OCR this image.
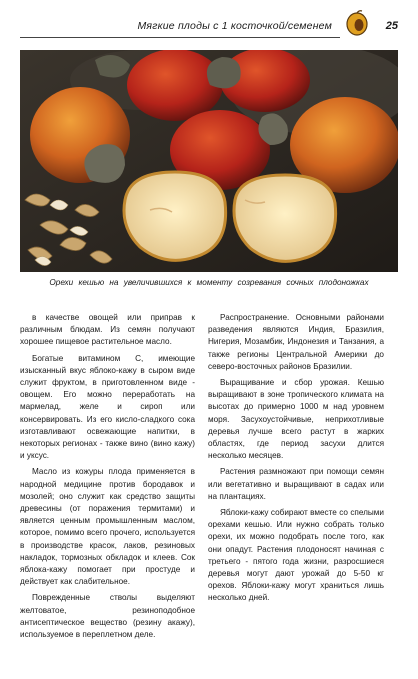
Мягкие плоды с 1 косточкой/семенем	25
Орехи кешью на увеличившихся к моменту созревания сочных плодоножках

в качестве овощей или приправ к различным блюдам. Из семян получают хорошее пищевое растительное масло.

Богатые витамином С, имеющие изысканный вкус яблоко-кажу в сыром виде служит фруктом, в приготовленном виде - овощем. Его можно переработать на мармелад, желе и сироп или консервировать. Из его кисло-сладкого сока изготавливают освежающие напитки, в некоторых регионах - также вино (вино кажу) и уксус.

Масло из кожуры плода применяется в народной медицине против бородавок и мозолей; оно служит как средство защиты древесины (от поражения термитами) и является ценным промышленным маслом, которое, помимо всего прочего, используется в производстве красок, лаков, резиновых накладок, тормозных обкладок и клеев. Сок яблока-кажу помогает при простуде и действует как слабительное.

Поврежденные стволы выделяют желтоватое, резиноподобное антисептическое вещество (резину акажу), используемое в переплетном деле.

Распространение. Основными районами разведения являются Индия, Бразилия, Нигерия, Мозамбик, Индонезия и Танзания, а также регионы Центральной Америки до северо-восточных районов Бразилии.

Выращивание и сбор урожая. Кешью выращивают в зоне тропического климата на высотах до примерно 1000 м над уровнем моря. Засухоустойчивые, неприхотливые деревья лучше всего растут в жарких областях, где период засухи длится несколько месяцев.

Растения размножают при помощи семян или вегетативно и выращивают в садах или на плантациях.

Яблоки-кажу собирают вместе со спелыми орехами кешью. Или нужно собрать только орехи, их можно подобрать после того, как они опадут. Растения плодоносят начиная с третьего - пятого года жизни, разросшиеся деревья могут дают урожай до 5-50 кг орехов. Яблоки-кажу могут храниться лишь несколько дней.
